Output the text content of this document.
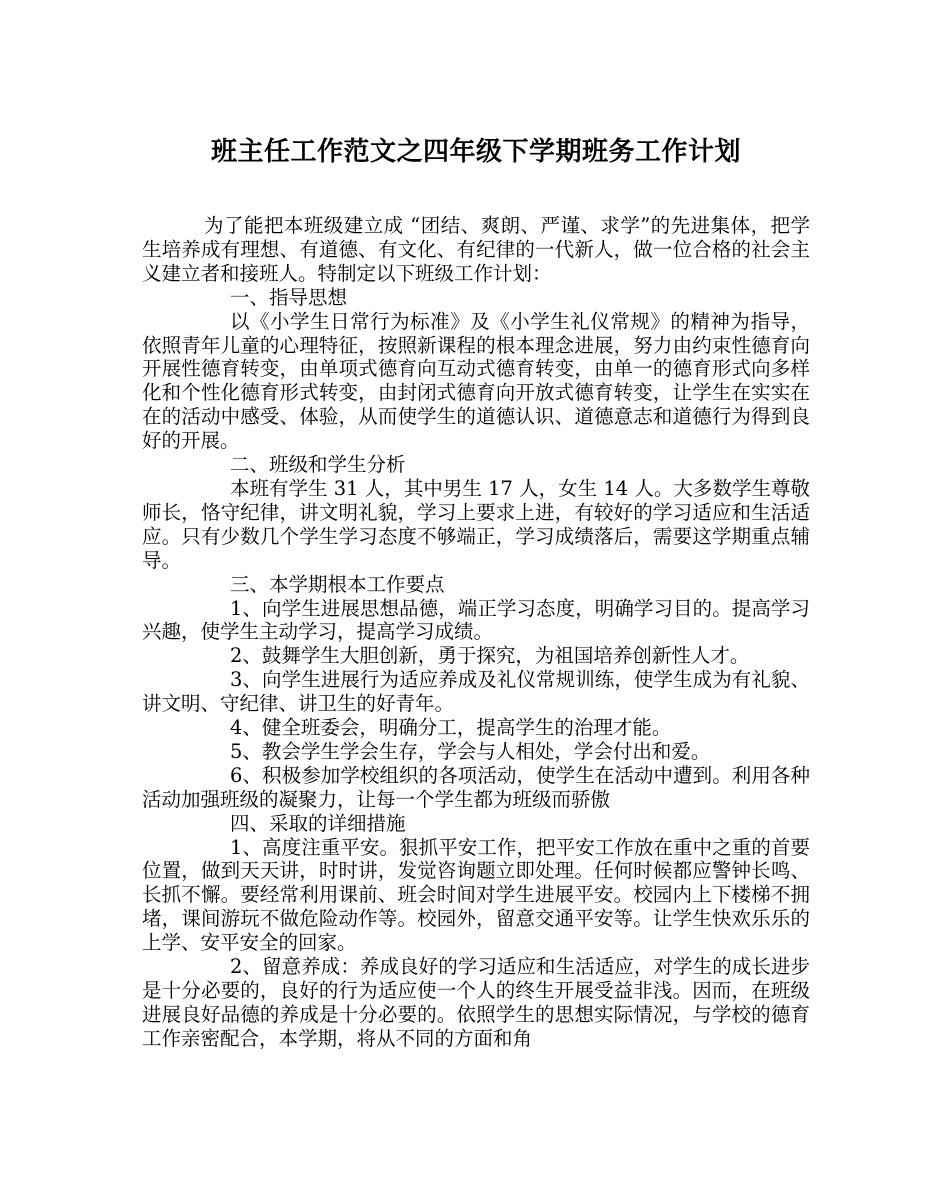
班主任工作范文之四年级下学期班务工作计划

为了能把本班级建立成 “团结、爽朗、严谨、求学”的先进集体，把学生培养成有理想、有道德、有文化、有纪律的一代新人，做一位合格的社会主义建立者和接班人。特制定以下班级工作计划：

一、指导思想

以《小学生日常行为标准》及《小学生礼仪常规》的精神为指导，依照青年儿童的心理特征，按照新课程的根本理念进展，努力由约束性德育向开展性德育转变，由单项式德育向互动式德育转变，由单一的德育形式向多样化和个性化德育形式转变，由封闭式德育向开放式德育转变，让学生在实实在在的活动中感受、体验，从而使学生的道德认识、道德意志和道德行为得到良好的开展。

二、班级和学生分析

本班有学生 31 人，其中男生 17 人，女生 14 人。大多数学生尊敬师长，恪守纪律，讲文明礼貌，学习上要求上进，有较好的学习适应和生活适应。只有少数几个学生学习态度不够端正，学习成绩落后，需要这学期重点辅导。

三、本学期根本工作要点

1、向学生进展思想品德，端正学习态度，明确学习目的。提高学习兴趣，使学生主动学习，提高学习成绩。

2、鼓舞学生大胆创新，勇于探究，为祖国培养创新性人才。

3、向学生进展行为适应养成及礼仪常规训练，使学生成为有礼貌、讲文明、守纪律、讲卫生的好青年。

4、健全班委会，明确分工，提高学生的治理才能。

5、教会学生学会生存，学会与人相处，学会付出和爱。

6、积极参加学校组织的各项活动，使学生在活动中遭到。利用各种活动加强班级的凝聚力，让每一个学生都为班级而骄傲

四、采取的详细措施

1、高度注重平安。狠抓平安工作，把平安工作放在重中之重的首要位置，做到天天讲，时时讲，发觉咨询题立即处理。任何时候都应警钟长鸣、长抓不懈。要经常利用课前、班会时间对学生进展平安。校园内上下楼梯不拥堵，课间游玩不做危险动作等。校园外，留意交通平安等。让学生快欢乐乐的上学、安平安全的回家。

2、留意养成：养成良好的学习适应和生活适应，对学生的成长进步是十分必要的，良好的行为适应使一个人的终生开展受益非浅。因而，在班级进展良好品德的养成是十分必要的。依照学生的思想实际情况，与学校的德育工作亲密配合，本学期，将从不同的方面和角
